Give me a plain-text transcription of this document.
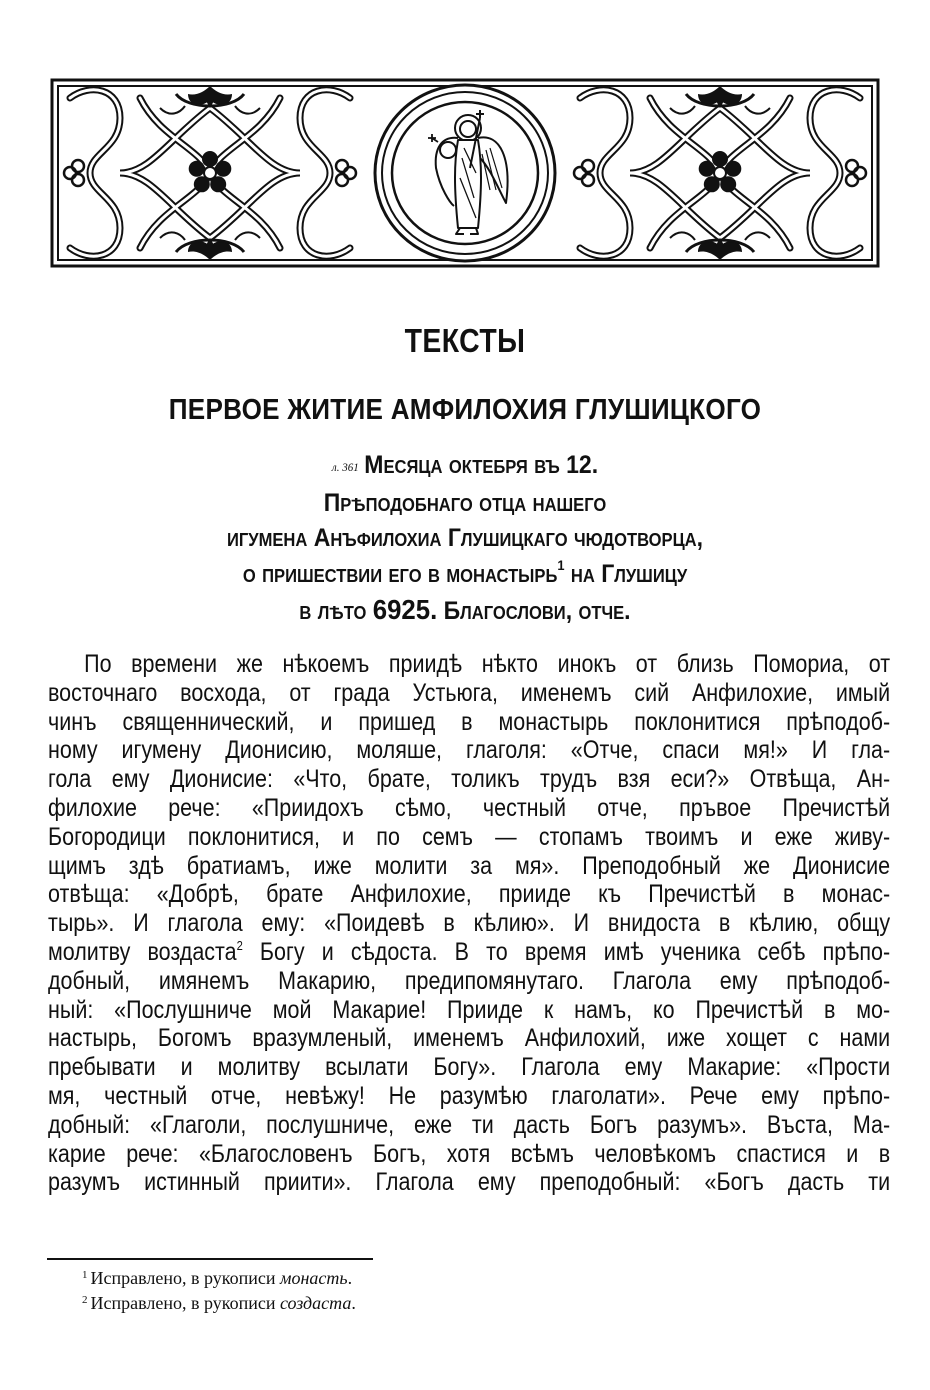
ТЕКСТЫ
ПЕРВОЕ ЖИТИЕ АМФИЛОХИЯ ГЛУШИЦКОГО
л. 361 Месяца октебря въ 12.
Прѣподобнаго отца нашего
игумена Анъфилохиа Глушицкаго чюдотворца,
о пришествии его в монастырь$^1$ на Глушицу
в лѣто 6925. Благослови, отче.
По времени же нѣкоемъ приидѣ нѣкто инокъ от близь Помориа, от
восточнаго восхода, от града Устьюга, именемъ сий Анфилохие, имый
чинъ священнический, и пришед в монастырь поклонитися прѣподоб-
ному игумену Дионисию, моляше, глаголя: «Отче, спаси мя!» И гла-
гола ему Дионисие: «Что, брате, толикъ трудъ взя еси?» Отвѣща, Ан-
филохие рече: «Приидохъ сѣмо, честный отче, пръвое Пречистѣй
Богородици поклонитися, и по семъ — стопамъ твоимъ и еже живу-
щимъ здѣ братиамъ, иже молити за мя». Преподобный же Дионисие
отвѣща: «Добрѣ, брате Анфилохие, прииде къ Пречистѣй в монас-
тырь». И глагола ему: «Поидевѣ в кѣлию». И внидоста в кѣлию, общу
молитву воздаста$^2$ Богу и сѣдоста. В то время имѣ ученика себѣ прѣпо-
добный, имянемъ Макарию, предипомянутаго. Глагола ему прѣподоб-
ный: «Послушниче мой Макарие! Прииде к намъ, ко Пречистѣй в мо-
настырь, Богомъ вразумленый, именемъ Анфилохий, иже хощет с нами
пребывати и молитву всылати Богу». Глагола ему Макарие: «Прости
мя, честный отче, невѣжу! Не разумѣю глаголати». Рече ему прѣпо-
добный: «Глаголи, послушниче, еже ти дасть Богъ разумъ». Въста, Ма-
карие рече: «Благословенъ Богъ, хотя всѣмъ человѣкомъ спастися и в
разумъ истинный приити». Глагола ему преподобный: «Богъ дасть ти
$^1$ Исправлено, в рукописи монасть.
$^2$ Исправлено, в рукописи создаста.
